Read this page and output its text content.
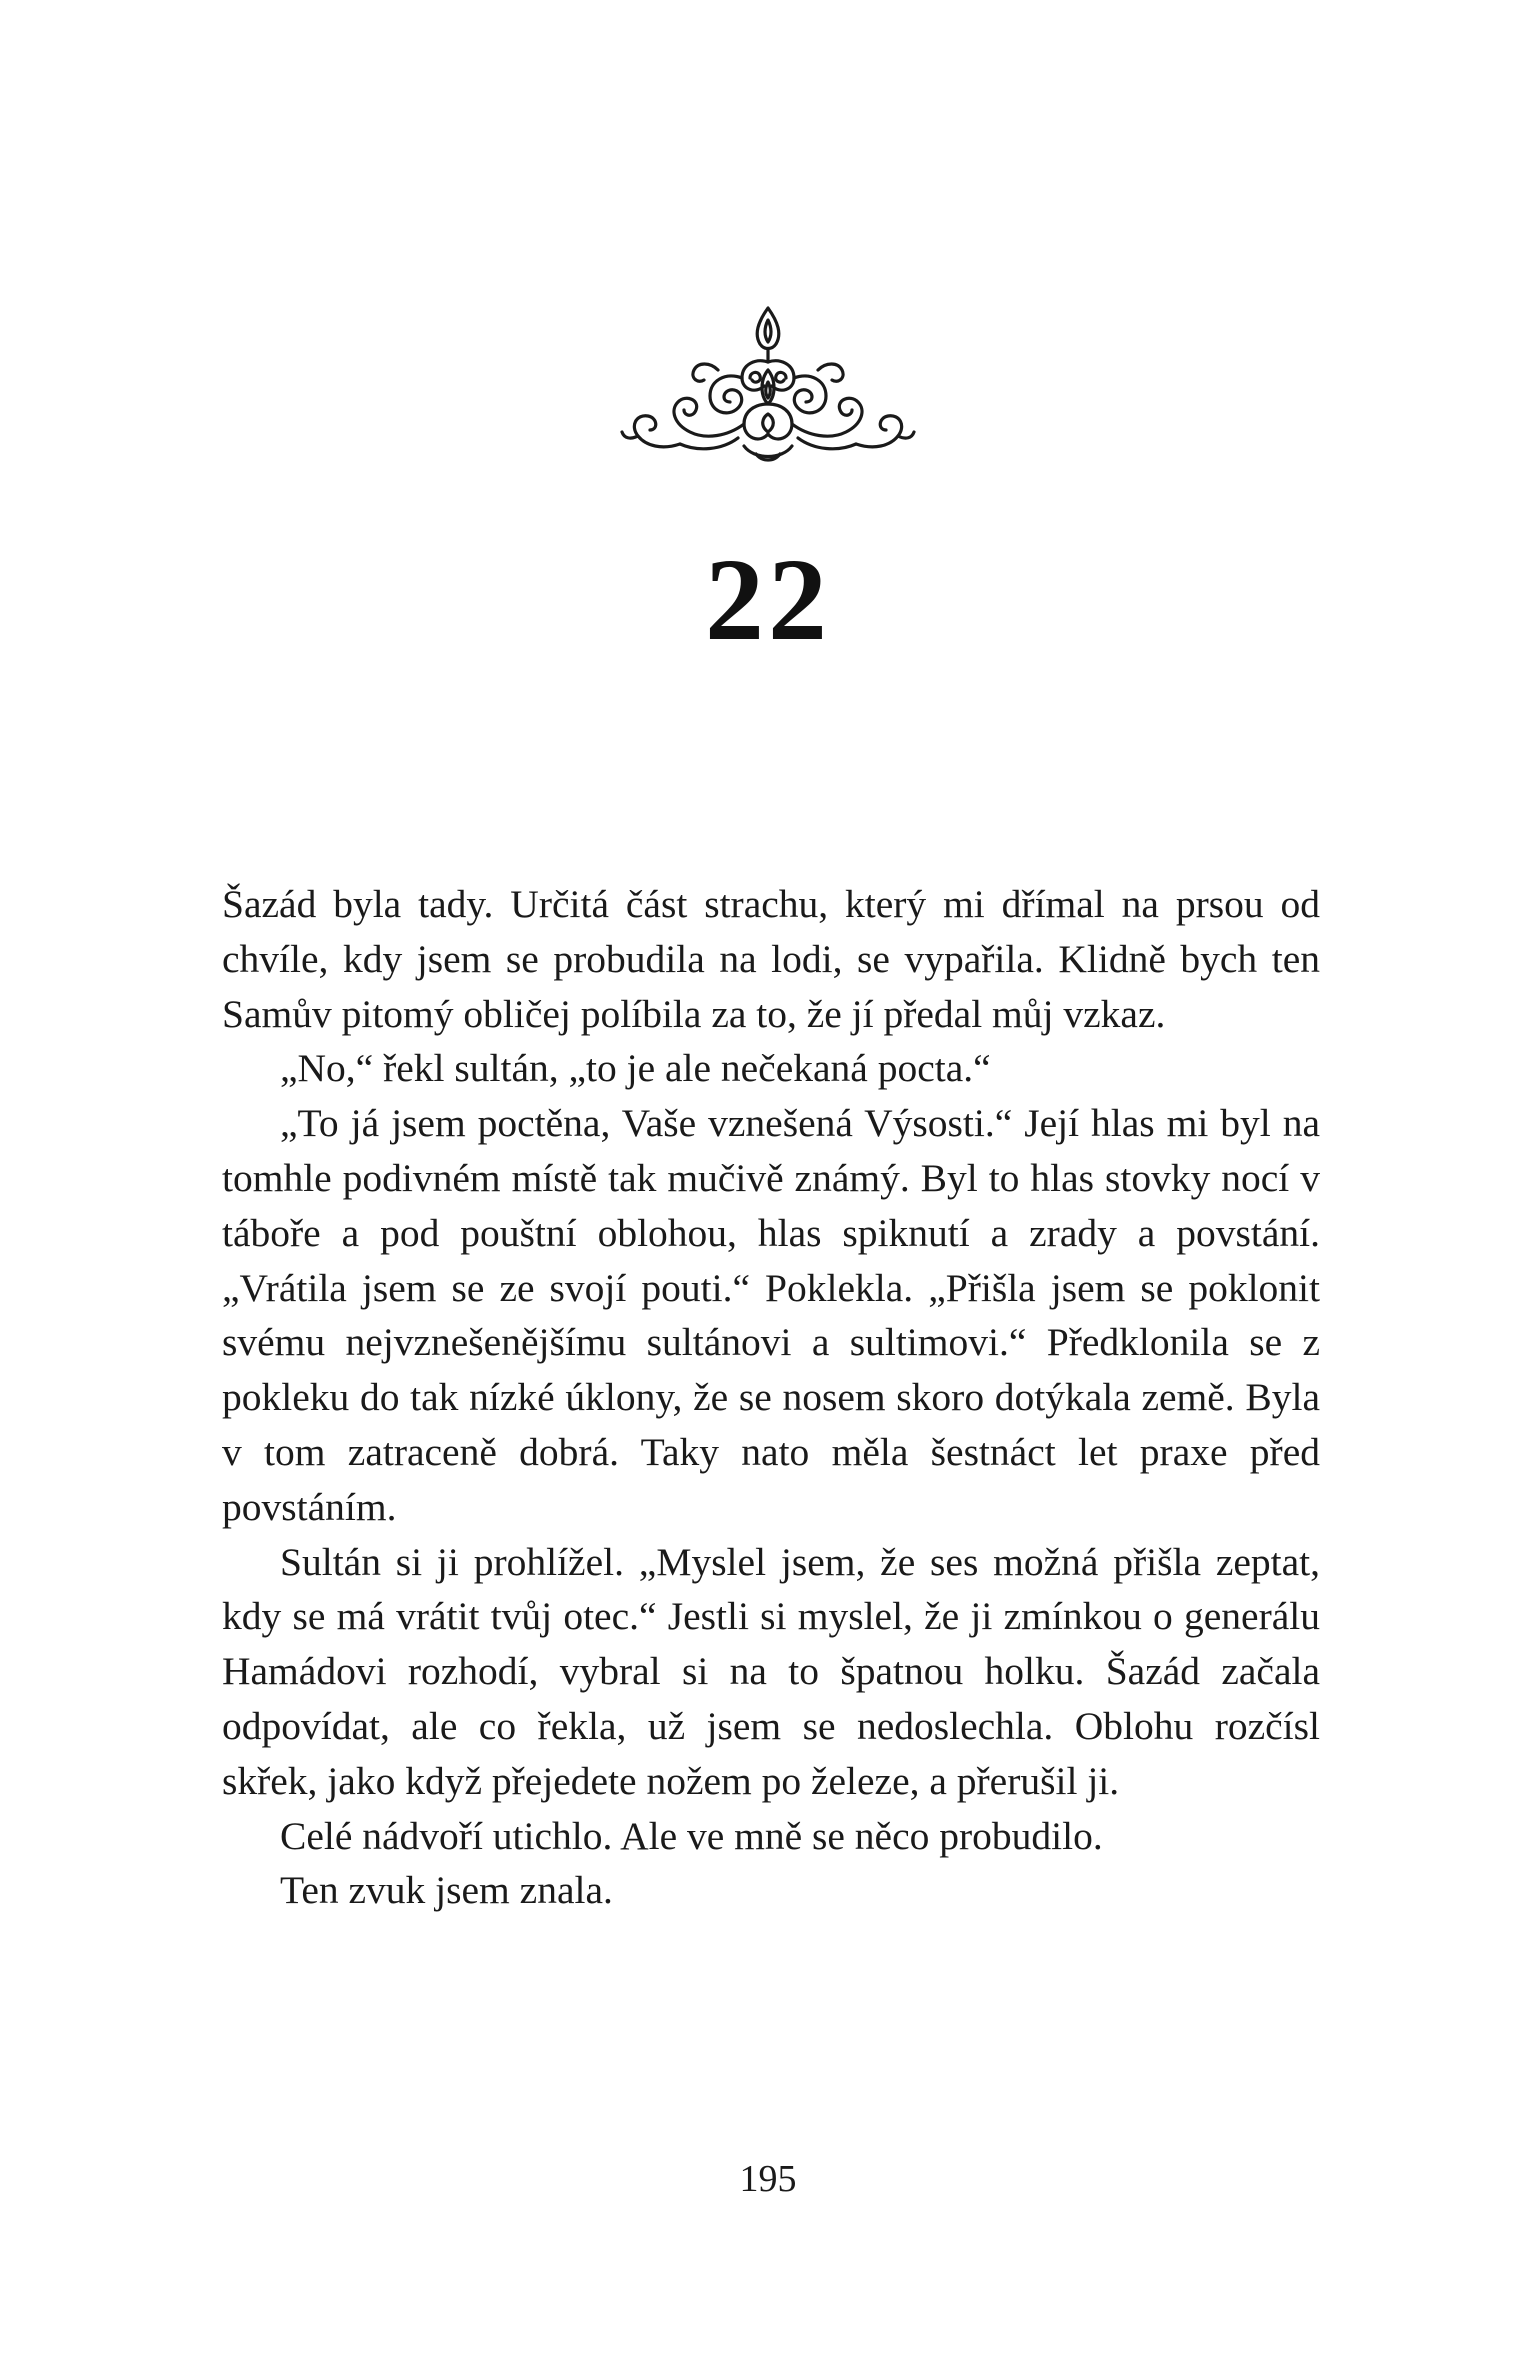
22

Šazád byla tady. Určitá část strachu, který mi dřímal na prsou od chvíle, kdy jsem se probudila na lodi, se vypařila. Klidně bych ten Samův pitomý obličej políbila za to, že jí předal můj vzkaz.

„No,“ řekl sultán, „to je ale nečekaná pocta.“

„To já jsem poctěna, Vaše vznešená Výsosti.“ Její hlas mi byl na tomhle podivném místě tak mučivě známý. Byl to hlas stovky nocí v táboře a pod pouštní oblohou, hlas spiknutí a zrady a povstání. „Vrátila jsem se ze svojí pouti.“ Poklekla. „Přišla jsem se poklonit svému nejvznešenějšímu sultánovi a sultimovi.“ Předklonila se z pokleku do tak nízké úklony, že se nosem skoro dotýkala země. Byla v tom zatraceně dobrá. Taky nato měla šestnáct let praxe před povstáním.

Sultán si ji prohlížel. „Myslel jsem, že ses možná přišla zeptat, kdy se má vrátit tvůj otec.“ Jestli si myslel, že ji zmínkou o generálu Hamádovi rozhodí, vybral si na to špatnou holku. Šazád začala odpovídat, ale co řekla, už jsem se nedoslechla. Oblohu rozčísl skřek, jako když přejedete nožem po železe, a přerušil ji.

Celé nádvoří utichlo. Ale ve mně se něco probudilo.

Ten zvuk jsem znala.

195
